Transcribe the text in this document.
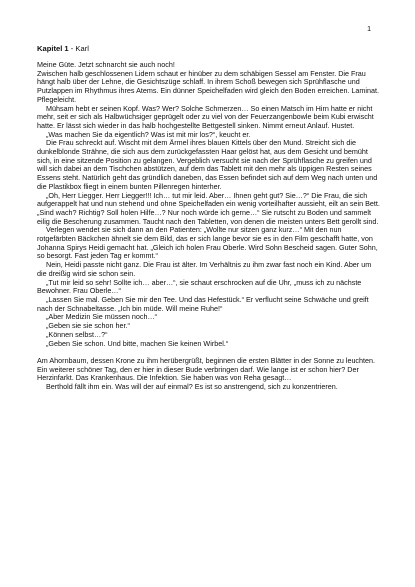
1
Kapitel 1 - Karl

Meine Güte. Jetzt schnarcht sie auch noch!

Zwischen halb geschlossenen Lidern schaut er hinüber zu dem schäbigen Sessel am Fenster. Die Frau hängt halb über der Lehne, die Gesichtszüge schlaff. In ihrem Schoß bewegen sich Sprühflasche und Putzlappen im Rhythmus ihres Atems. Ein dünner Speichelfaden wird gleich den Boden erreichen. Laminat. Pflegeleicht.

Mühsam hebt er seinen Kopf. Was? Wer? Solche Schmerzen… So einen Matsch im Hirn hatte er nicht mehr, seit er sich als Halbwüchsiger geprügelt oder zu viel von der Feuerzangenbowle beim Kubi erwischt hatte. Er lässt sich wieder in das halb hochgestellte Bettgestell sinken. Nimmt erneut Anlauf. Hustet.

„Was machen Sie da eigentlich? Was ist mit mir los?“, keucht er.

Die Frau schreckt auf. Wischt mit dem Ärmel ihres blauen Kittels über den Mund. Streicht sich die dunkelblonde Strähne, die sich aus dem zurückgefassten Haar gelöst hat, aus dem Gesicht und bemüht sich, in eine sitzende Position zu gelangen. Vergeblich versucht sie nach der Sprühflasche zu greifen und will sich dabei an dem Tischchen abstützen, auf dem das Tablett mit den mehr als üppigen Resten seines Essens steht. Natürlich geht das gründlich daneben, das Essen befindet sich auf dem Weg nach unten und die Plastikbox fliegt in einem bunten Pillenregen hinterher.

„Oh, Herr Liegger. Herr Liegger!!! Ich… tut mir leid. Aber… Ihnen geht gut? Sie…?“ Die Frau, die sich aufgerappelt hat und nun stehend und ohne Speichelfaden ein wenig vorteilhafter aussieht, eilt an sein Bett. „Sind wach? Richtig? Soll holen Hilfe…? Nur noch würde ich gerne…“ Sie rutscht zu Boden und sammelt eilig die Bescherung zusammen. Taucht nach den Tabletten, von denen die meisten unters Bett gerollt sind.

Verlegen wendet sie sich dann an den Patienten: „Wollte nur sitzen ganz kurz…“ Mit den nun rotgefärbten Bäckchen ähnelt sie dem Bild, das er sich lange bevor sie es in den Film geschafft hatte, von Johanna Spirys Heidi gemacht hat. „Gleich ich holen Frau Oberle. Wird Sohn Bescheid sagen. Guter Sohn, so besorgt. Fast jeden Tag er kommt.“

Nein, Heidi passte nicht ganz. Die Frau ist älter. Im Verhältnis zu ihm zwar fast noch ein Kind. Aber um die dreißig wird sie schon sein.

„Tut mir leid so sehr! Sollte ich… aber…“, sie schaut erschrocken auf die Uhr, „muss ich zu nächste Bewohner. Frau Oberle…“

„Lassen Sie mal. Geben Sie mir den Tee. Und das Hefestück.“ Er verflucht seine Schwäche und greift nach der Schnabeltasse. „Ich bin müde. Will meine Ruhe!“

„Aber Medizin Sie müssen noch…“

„Geben sie sie schon her.“

„Können selbst…?“

„Geben Sie schon. Und bitte, machen Sie keinen Wirbel.“

Am Ahornbaum, dessen Krone zu ihm herübergrüßt, beginnen die ersten Blätter in der Sonne zu leuchten. Ein weiterer schöner Tag, den er hier in dieser Bude verbringen darf. Wie lange ist er schon hier? Der Herzinfarkt. Das Krankenhaus. Die Infektion. Sie haben was von Reha gesagt…

Berthold fällt ihm ein. Was will der auf einmal? Es ist so anstrengend, sich zu konzentrieren.
